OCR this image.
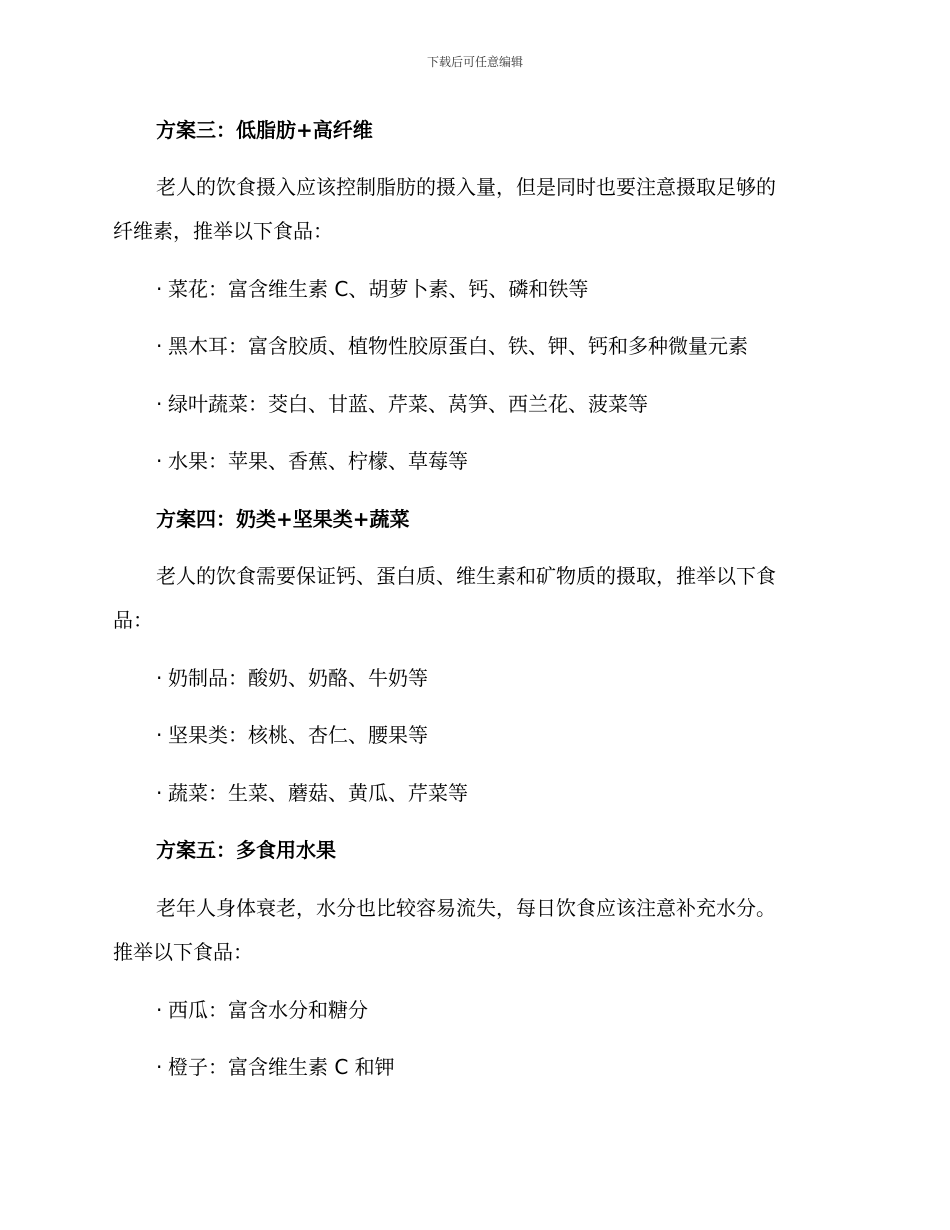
下载后可任意编辑
方案三：低脂肪+高纤维
老人的饮食摄入应该控制脂肪的摄入量，但是同时也要注意摄取足够的
纤维素，推举以下食品：
· 菜花：富含维生素 C、胡萝卜素、钙、磷和铁等
· 黑木耳：富含胶质、植物性胶原蛋白、铁、钾、钙和多种微量元素
· 绿叶蔬菜：茭白、甘蓝、芹菜、莴笋、西兰花、菠菜等
· 水果：苹果、香蕉、柠檬、草莓等
方案四：奶类+坚果类+蔬菜
老人的饮食需要保证钙、蛋白质、维生素和矿物质的摄取，推举以下食
品：
· 奶制品：酸奶、奶酪、牛奶等
· 坚果类：核桃、杏仁、腰果等
· 蔬菜：生菜、蘑菇、黄瓜、芹菜等
方案五：多食用水果
老年人身体衰老，水分也比较容易流失，每日饮食应该注意补充水分。
推举以下食品：
· 西瓜：富含水分和糖分
· 橙子：富含维生素 C 和钾
